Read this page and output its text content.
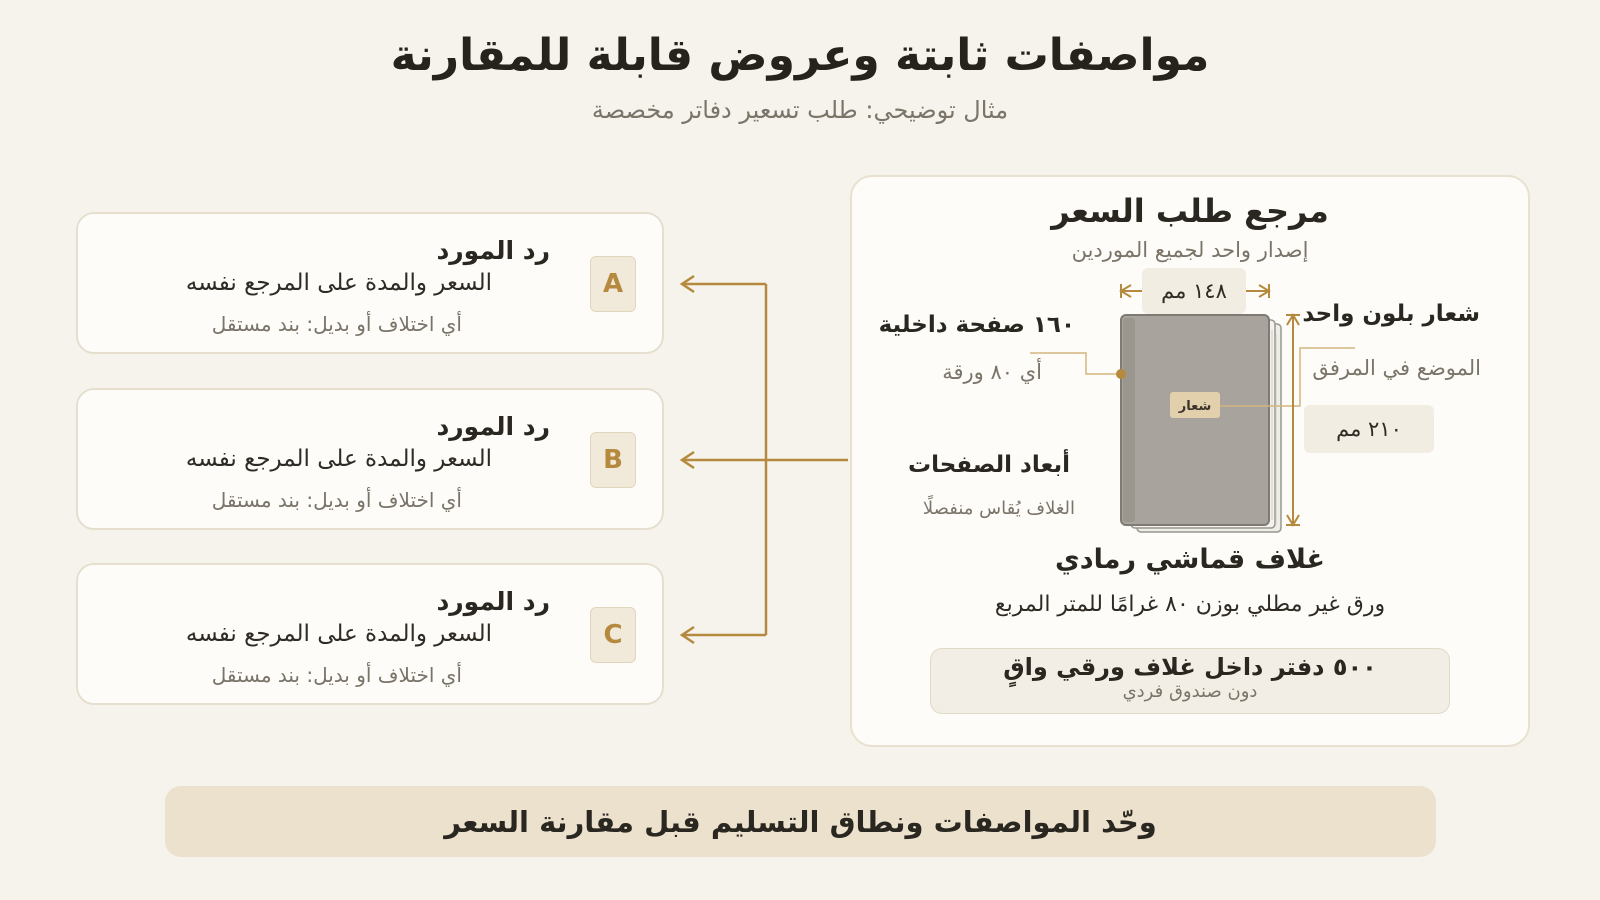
مواصفات ثابتة وعروض قابلة للمقارنة
مثال توضيحي: طلب تسعير دفاتر مخصصة
رد المورد
السعر والمدة على المرجع نفسه
أي اختلاف أو بديل: بند مستقل
A
رد المورد
السعر والمدة على المرجع نفسه
أي اختلاف أو بديل: بند مستقل
B
رد المورد
السعر والمدة على المرجع نفسه
أي اختلاف أو بديل: بند مستقل
C
مرجع طلب السعر
إصدار واحد لجميع الموردين
شعار
١٤٨ مم
٢١٠ مم
١٦٠ صفحة داخلية
أي ٨٠ ورقة
شعار بلون واحد
الموضع في المرفق
أبعاد الصفحات
الغلاف يُقاس منفصلًا
غلاف قماشي رمادي
ورق غير مطلي بوزن ٨٠ غرامًا للمتر المربع
٥٠٠ دفتر داخل غلاف ورقي واقٍ
دون صندوق فردي
وحّد المواصفات ونطاق التسليم قبل مقارنة السعر
